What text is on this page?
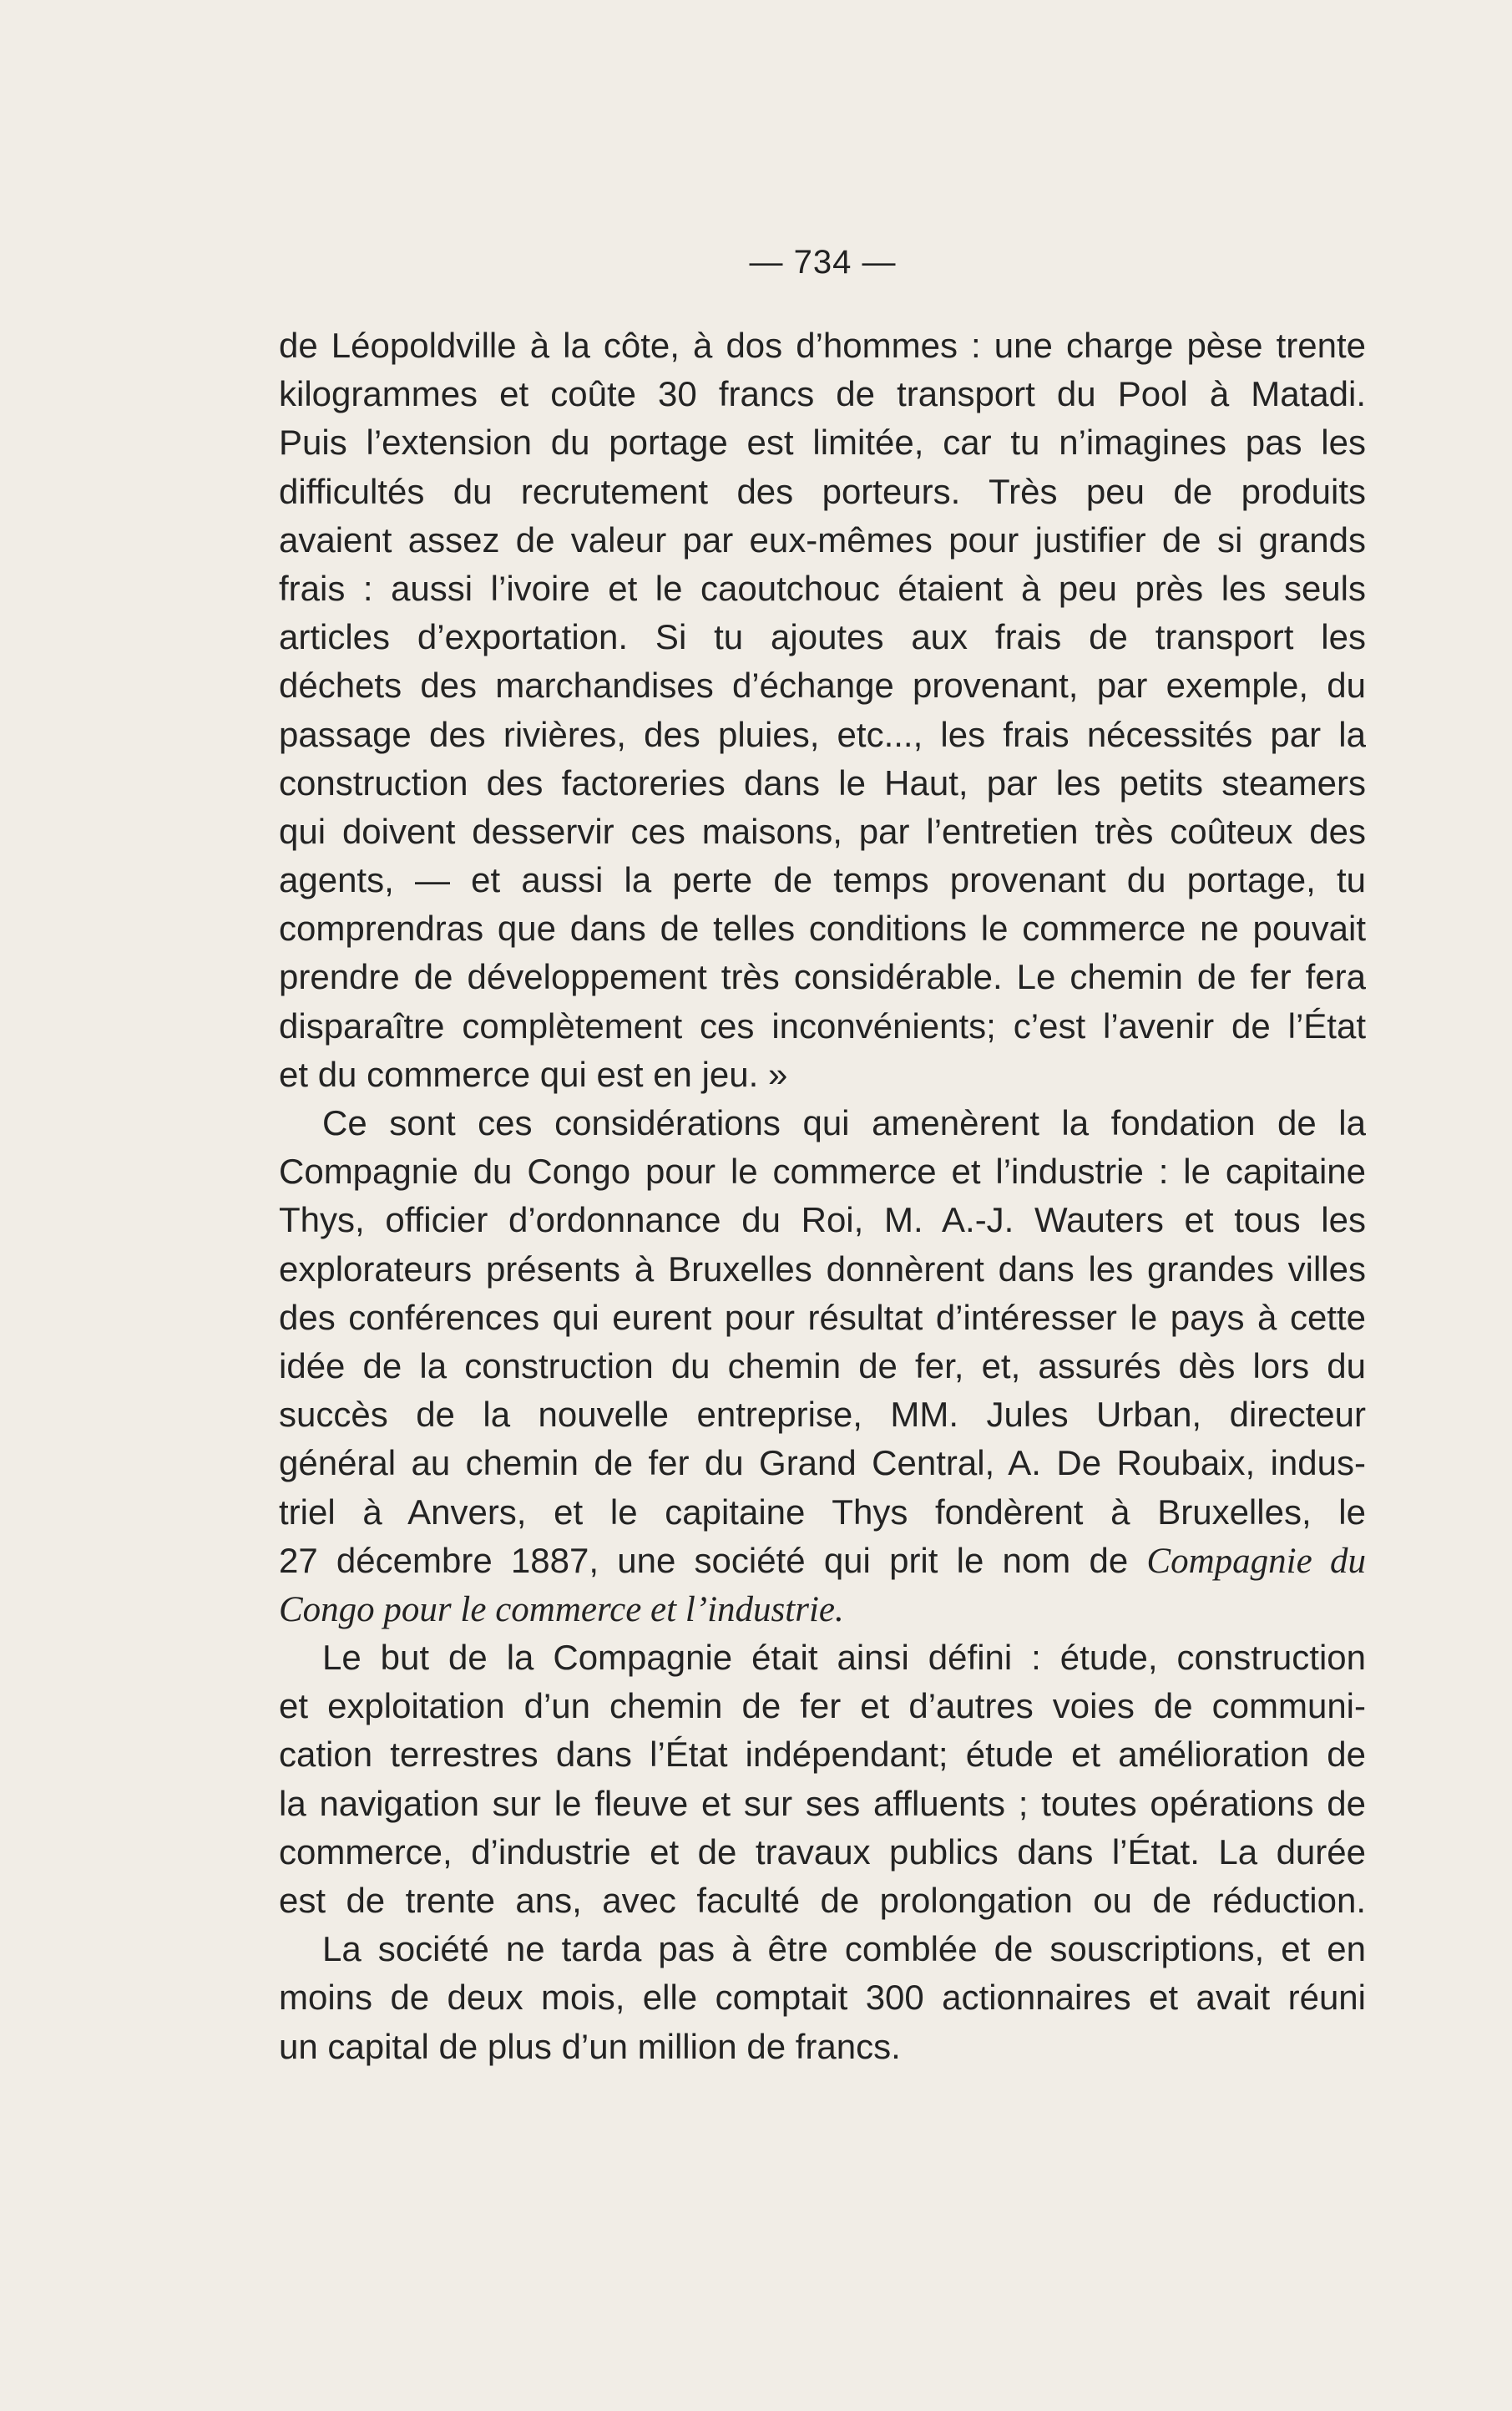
— 734 —
de Léopoldville à la côte, à dos d’hommes : une charge pèse trente
kilogrammes et coûte 30 francs de transport du Pool à Matadi.
Puis l’extension du portage est limitée, car tu n’imagines pas les
difficultés du recrutement des porteurs. Très peu de produits
avaient assez de valeur par eux-mêmes pour justifier de si grands
frais : aussi l’ivoire et le caoutchouc étaient à peu près les seuls
articles d’exportation. Si tu ajoutes aux frais de transport les
déchets des marchandises d’échange provenant, par exemple, du
passage des rivières, des pluies, etc..., les frais nécessités par la
construction des factoreries dans le Haut, par les petits steamers
qui doivent desservir ces maisons, par l’entretien très coûteux des
agents, — et aussi la perte de temps provenant du portage, tu
comprendras que dans de telles conditions le commerce ne pouvait
prendre de développement très considérable. Le chemin de fer fera
disparaître complètement ces inconvénients; c’est l’avenir de l’État
et du commerce qui est en jeu. »
Ce sont ces considérations qui amenèrent la fondation de la
Compagnie du Congo pour le commerce et l’industrie : le capitaine
Thys, officier d’ordonnance du Roi, M. A.-J. Wauters et tous les
explorateurs présents à Bruxelles donnèrent dans les grandes villes
des conférences qui eurent pour résultat d’intéresser le pays à cette
idée de la construction du chemin de fer, et, assurés dès lors du
succès de la nouvelle entreprise, MM. Jules Urban, directeur
général au chemin de fer du Grand Central, A. De Roubaix, indus-
triel à Anvers, et le capitaine Thys fondèrent à Bruxelles, le
27 décembre 1887, une société qui prit le nom de Compagnie du
Congo pour le commerce et l’industrie.
Le but de la Compagnie était ainsi défini : étude, construction
et exploitation d’un chemin de fer et d’autres voies de communi-
cation terrestres dans l’État indépendant; étude et amélioration de
la navigation sur le fleuve et sur ses affluents ; toutes opérations de
commerce, d’industrie et de travaux publics dans l’État. La durée
est de trente ans, avec faculté de prolongation ou de réduction.
La société ne tarda pas à être comblée de souscriptions, et en
moins de deux mois, elle comptait 300 actionnaires et avait réuni
un capital de plus d’un million de francs.
